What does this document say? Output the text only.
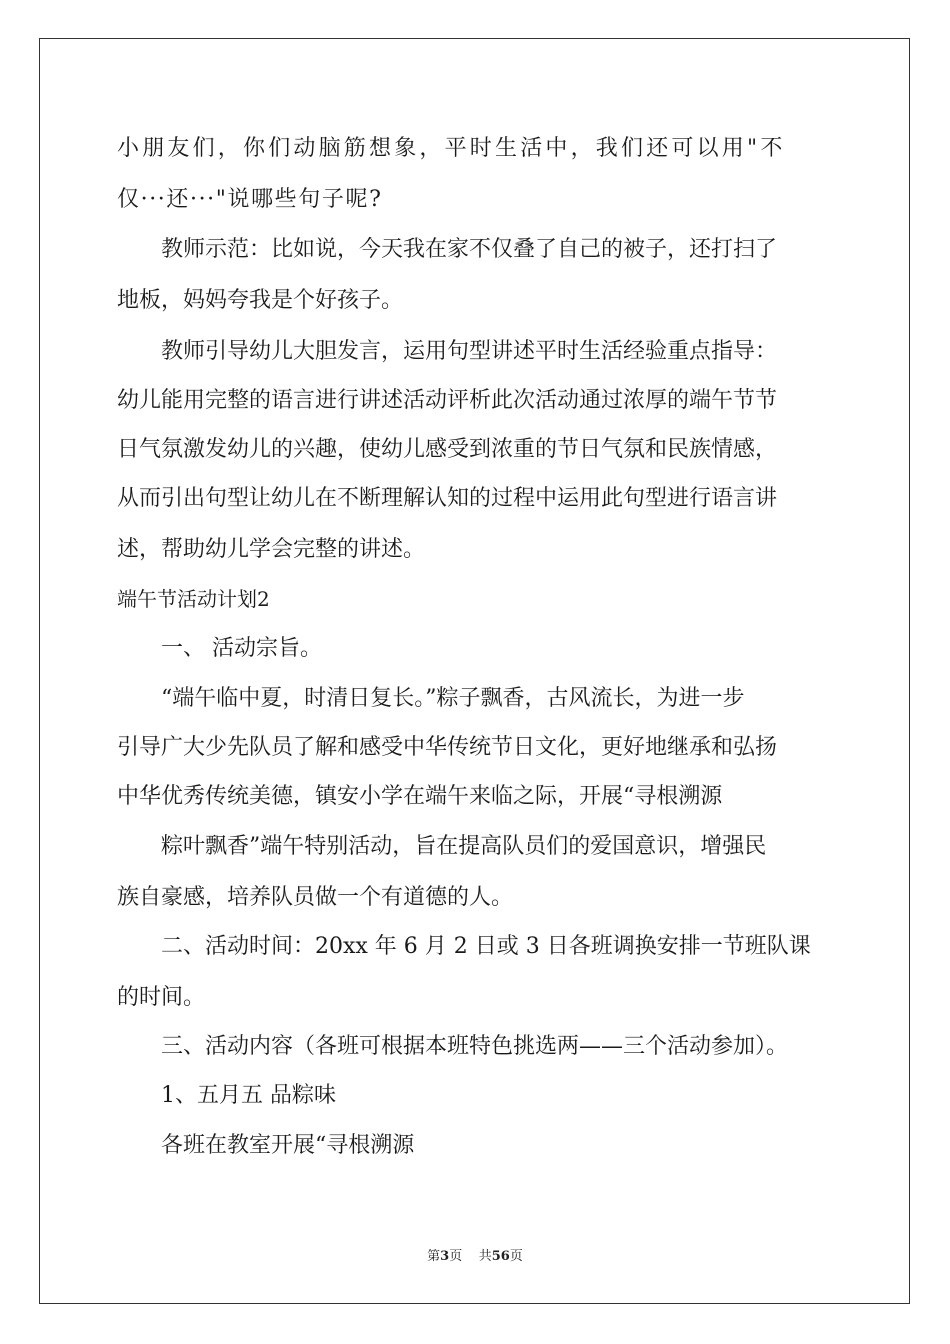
小朋友们，你们动脑筋想象，平时生活中，我们还可以用"不
仅···还···"说哪些句子呢?
教师示范：比如说，今天我在家不仅叠了自己的被子，还打扫了
地板，妈妈夸我是个好孩子。
教师引导幼儿大胆发言，运用句型讲述平时生活经验重点指导：
幼儿能用完整的语言进行讲述活动评析此次活动通过浓厚的端午节节
日气氛激发幼儿的兴趣，使幼儿感受到浓重的节日气氛和民族情感，
从而引出句型让幼儿在不断理解认知的过程中运用此句型进行语言讲
述，帮助幼儿学会完整的讲述。
端午节活动计划2
一、 活动宗旨。
“端午临中夏，时清日复长。”粽子飘香，古风流长，为进一步
引导广大少先队员了解和感受中华传统节日文化，更好地继承和弘扬
中华优秀传统美德，镇安小学在端午来临之际，开展“寻根溯源
粽叶飘香”端午特别活动，旨在提高队员们的爱国意识，增强民
族自豪感，培养队员做一个有道德的人。
二、活动时间：20xx 年 6 月 2 日或 3 日各班调换安排一节班队课
的时间。
三、活动内容（各班可根据本班特色挑选两——三个活动参加）。
1、五月五 品粽味
各班在教室开展“寻根溯源
第3页 共56页
